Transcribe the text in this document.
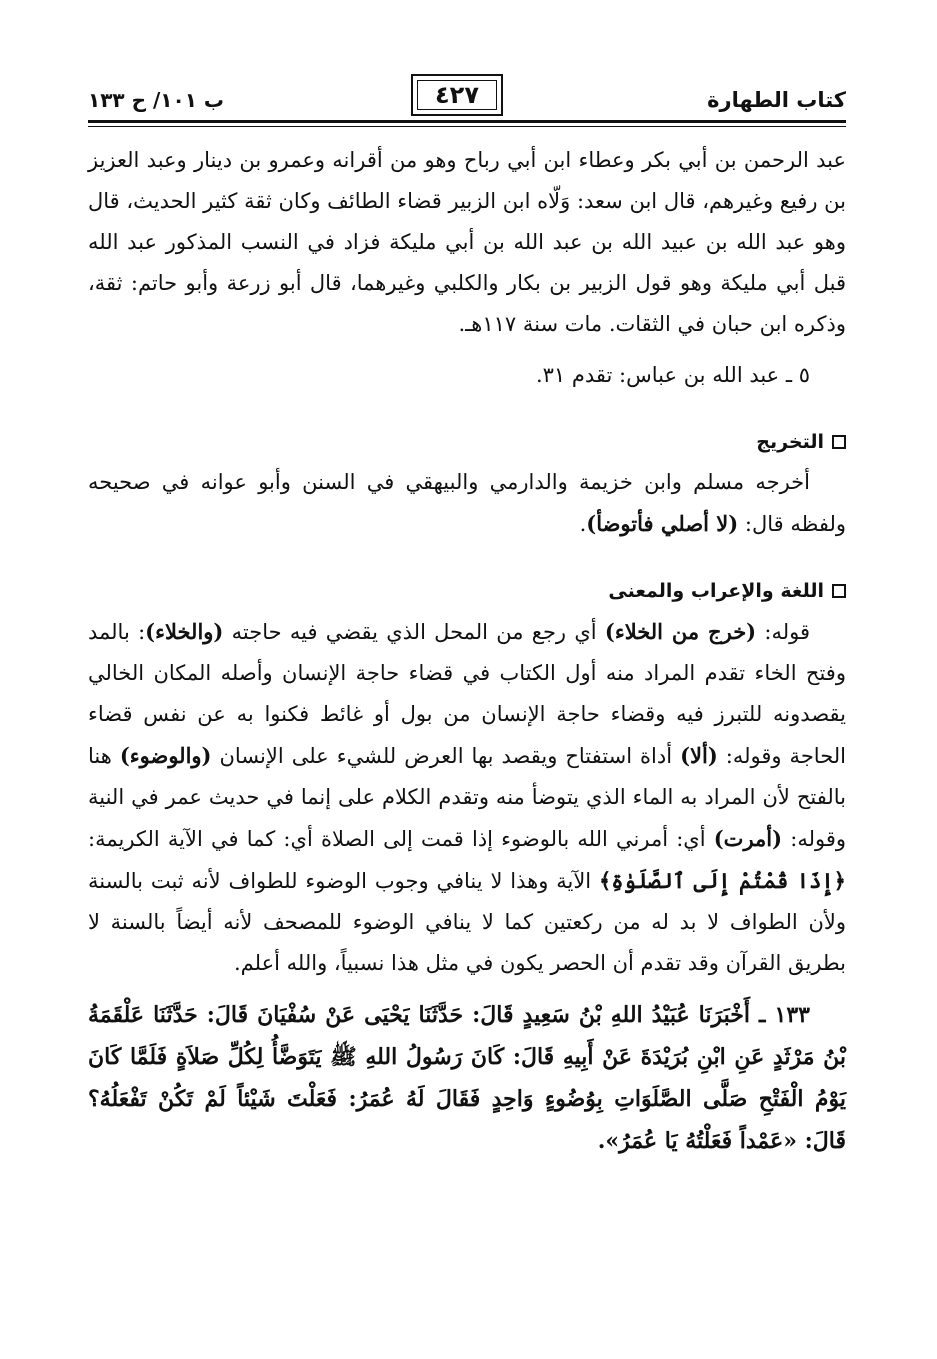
كتاب الطهارة
٤٢٧
ب ١٠١/ ح ١٣٣

عبد الرحمن بن أبي بكر وعطاء ابن أبي رباح وهو من أقرانه وعمرو بن دينار وعبد العزيز بن رفيع وغيرهم، قال ابن سعد: وَلّاه ابن الزبير قضاء الطائف وكان ثقة كثير الحديث، قال وهو عبد الله بن عبيد الله بن عبد الله بن أبي مليكة فزاد في النسب المذكور عبد الله قبل أبي مليكة وهو قول الزبير بن بكار والكلبي وغيرهما، قال أبو زرعة وأبو حاتم: ثقة، وذكره ابن حبان في الثقات. مات سنة ١١٧هـ.

٥ ـ عبد الله بن عباس: تقدم ٣١.

التخريج

أخرجه مسلم وابن خزيمة والدارمي والبيهقي في السنن وأبو عوانه في صحيحه ولفظه قال: (لا أصلي فأتوضأ).

اللغة والإعراب والمعنى

قوله: (خرج من الخلاء) أي رجع من المحل الذي يقضي فيه حاجته (والخلاء): بالمد وفتح الخاء تقدم المراد منه أول الكتاب في قضاء حاجة الإنسان وأصله المكان الخالي يقصدونه للتبرز فيه وقضاء حاجة الإنسان من بول أو غائط فكنوا به عن نفس قضاء الحاجة وقوله: (ألا) أداة استفتاح ويقصد بها العرض للشيء على الإنسان (والوضوء) هنا بالفتح لأن المراد به الماء الذي يتوضأ منه وتقدم الكلام على إنما في حديث عمر في النية وقوله: (أمرت) أي: أمرني الله بالوضوء إذا قمت إلى الصلاة أي: كما في الآية الكريمة: ﴿إِذَا قُمْتُمْ إِلَى ٱلصَّلَوٰةِ﴾ الآية وهذا لا ينافي وجوب الوضوء للطواف لأنه ثبت بالسنة ولأن الطواف لا بد له من ركعتين كما لا ينافي الوضوء للمصحف لأنه أيضاً بالسنة لا بطريق القرآن وقد تقدم أن الحصر يكون في مثل هذا نسبياً، والله أعلم.

١٣٣ ـ أَخْبَرَنَا عُبَيْدُ اللهِ بْنُ سَعِيدٍ قَالَ: حَدَّثَنَا يَحْيَى عَنْ سُفْيَانَ قَالَ: حَدَّثَنَا عَلْقَمَةُ بْنُ مَرْثَدٍ عَنِ ابْنِ بُرَيْدَةَ عَنْ أَبِيهِ قَالَ: كَانَ رَسُولُ اللهِ ﷺ يَتَوَضَّأُ لِكُلِّ صَلاَةٍ فَلَمَّا كَانَ يَوْمُ الْفَتْحِ صَلَّى الصَّلَوَاتِ بِوُضُوءٍ وَاحِدٍ فَقَالَ لَهُ عُمَرُ: فَعَلْتَ شَيْئاً لَمْ تَكُنْ تَفْعَلُهُ؟ قَالَ: «عَمْداً فَعَلْتُهُ يَا عُمَرُ».
